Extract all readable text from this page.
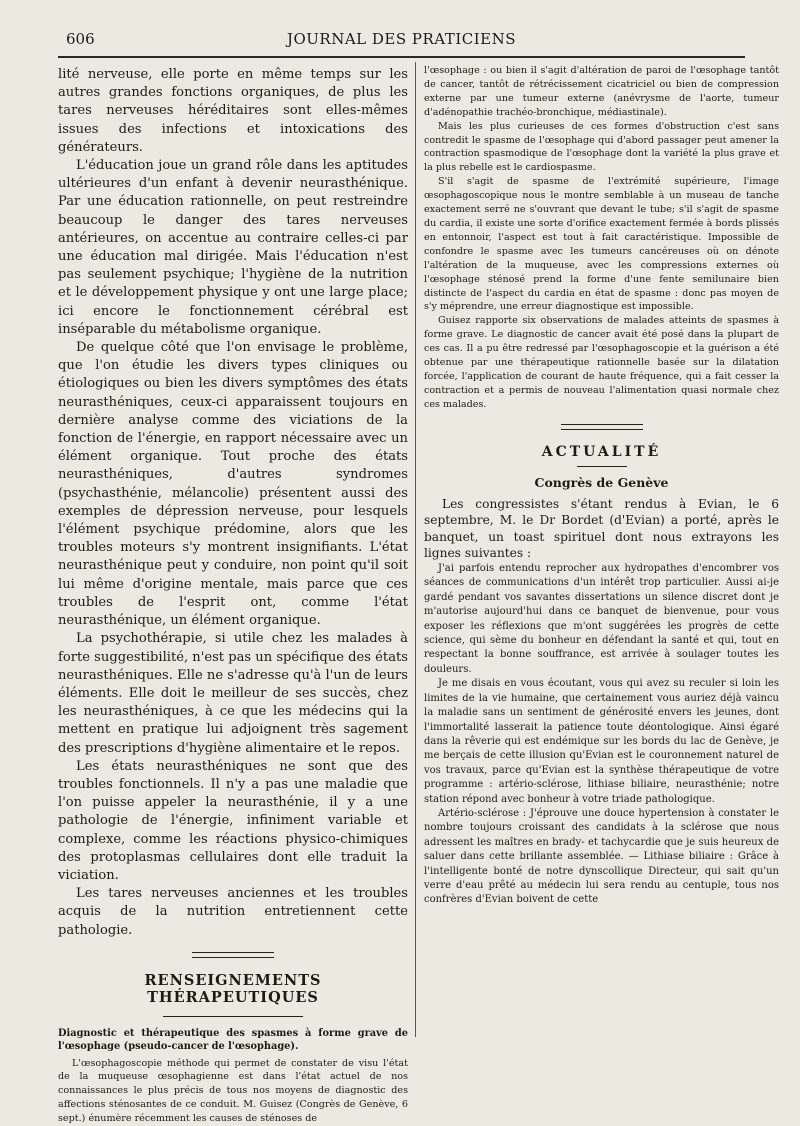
606	JOURNAL DES PRATICIENS

lité nerveuse, elle porte en même temps sur les autres grandes fonctions organiques, de plus les tares nerveuses héréditaires sont elles-mêmes issues des infections et intoxications des générateurs.

L'éducation joue un grand rôle dans les aptitudes ultérieures d'un enfant à devenir neurasthénique. Par une éducation rationnelle, on peut restreindre beaucoup le danger des tares nerveuses antérieures, on accentue au contraire celles-ci par une éducation mal dirigée. Mais l'éducation n'est pas seulement psychique; l'hygiène de la nutrition et le développement physique y ont une large place; ici encore le fonctionnement cérébral est inséparable du métabolisme organique.

De quelque côté que l'on envisage le problème, que l'on étudie les divers types cliniques ou étiologiques ou bien les divers symptômes des états neurasthéniques, ceux-ci apparaissent toujours en dernière analyse comme des viciations de la fonction de l'énergie, en rapport nécessaire avec un élément organique. Tout proche des états neurasthéniques, d'autres syndromes (psychasthénie, mélancolie) présentent aussi des exemples de dépression nerveuse, pour lesquels l'élément psychique prédomine, alors que les troubles moteurs s'y montrent insignifiants. L'état neurasthénique peut y conduire, non point qu'il soit lui même d'origine mentale, mais parce que ces troubles de l'esprit ont, comme l'état neurasthénique, un élément organique.

La psychothérapie, si utile chez les malades à forte suggestibilité, n'est pas un spécifique des états neurasthéniques. Elle ne s'adresse qu'à l'un de leurs éléments. Elle doit le meilleur de ses succès, chez les neurasthéniques, à ce que les médecins qui la mettent en pratique lui adjoignent très sagement des prescriptions d'hygiène alimentaire et le repos.

Les états neurasthéniques ne sont que des troubles fonctionnels. Il n'y a pas une maladie que l'on puisse appeler la neurasthénie, il y a une pathologie de l'énergie, infiniment variable et complexe, comme les réactions physico-chimiques des protoplasmas cellulaires dont elle traduit la viciation.

Les tares nerveuses anciennes et les troubles acquis de la nutrition entretiennent cette pathologie.

RENSEIGNEMENTS THÉRAPEUTIQUES
Diagnostic et thérapeutique des spasmes à forme grave de l'œsophage (pseudo-cancer de l'œsophage).

L'œsophagoscopie méthode qui permet de constater de visu l'état de la muqueuse œsophagienne est dans l'état actuel de nos connaissances le plus précis de tous nos moyens de diagnostic des affections sténosantes de ce conduit. M. Guisez (Congrès de Genève, 6 sept.) énumère récemment les causes de sténoses de

l'œsophage : ou bien il s'agit d'altération de paroi de l'œsophage tantôt de cancer, tantôt de rétrécissement cicatriciel ou bien de compression externe par une tumeur externe (anévrysme de l'aorte, tumeur d'adénopathie trachéo-bronchique, médiastinale).

Mais les plus curieuses de ces formes d'obstruction c'est sans contredit le spasme de l'œsophage qui d'abord passager peut amener la contraction spasmodique de l'œsophage dont la variété la plus grave et la plus rebelle est le cardiospasme.

S'il s'agit de spasme de l'extrémité supérieure, l'image œsophagoscopique nous le montre semblable à un museau de tanche exactement serré ne s'ouvrant que devant le tube; s'il s'agit de spasme du cardia, il existe une sorte d'orifice exactement fermée à bords plissés en entonnoir, l'aspect est tout à fait caractéristique. Impossible de confondre le spasme avec les tumeurs cancéreuses où on dénote l'altération de la muqueuse, avec les compressions externes où l'œsophage sténosé prend la forme d'une fente semilunaire bien distincte de l'aspect du cardia en état de spasme : donc pas moyen de s'y méprendre, une erreur diagnostique est impossible.

Guisez rapporte six observations de malades atteints de spasmes à forme grave. Le diagnostic de cancer avait été posé dans la plupart de ces cas. Il a pu être redressé par l'œsophagoscopie et la guérison a été obtenue par une thérapeutique rationnelle basée sur la dilatation forcée, l'application de courant de haute fréquence, qui a fait cesser la contraction et a permis de nouveau l'alimentation quasi normale chez ces malades.

ACTUALITÉ
Congrès de Genève

Les congressistes s'étant rendus à Evian, le 6 septembre, M. le Dr Bordet (d'Evian) a porté, après le banquet, un toast spirituel dont nous extrayons les lignes suivantes :

J'ai parfois entendu reprocher aux hydropathes d'encombrer vos séances de communications d'un intérêt trop particulier. Aussi ai-je gardé pendant vos savantes dissertations un silence discret dont je m'autorise aujourd'hui dans ce banquet de bienvenue, pour vous exposer les réflexions que m'ont suggérées les progrès de cette science, qui sème du bonheur en défendant la santé et qui, tout en respectant la bonne souffrance, est arrivée à soulager toutes les douleurs.

Je me disais en vous écoutant, vous qui avez su reculer si loin les limites de la vie humaine, que certainement vous auriez déjà vaincu la maladie sans un sentiment de générosité envers les jeunes, dont l'immortalité lasserait la patience toute déontologique. Ainsi égaré dans la rêverie qui est endémique sur les bords du lac de Genève, je me berçais de cette illusion qu'Evian est le couronnement naturel de vos travaux, parce qu'Evian est la synthèse thérapeutique de votre programme : artério-sclérose, lithiase biliaire, neurasthénie; notre station répond avec bonheur à votre triade pathologique.

Artério-sclérose : J'éprouve une douce hypertension à constater le nombre toujours croissant des candidats à la sclérose que nous adressent les maîtres en brady- et tachycardie que je suis heureux de saluer dans cette brillante assemblée. — Lithiase biliaire : Grâce à l'intelligente bonté de notre dynscollique Directeur, qui sait qu'un verre d'eau prêté au médecin lui sera rendu au centuple, tous nos confrères d'Evian boivent de cette
